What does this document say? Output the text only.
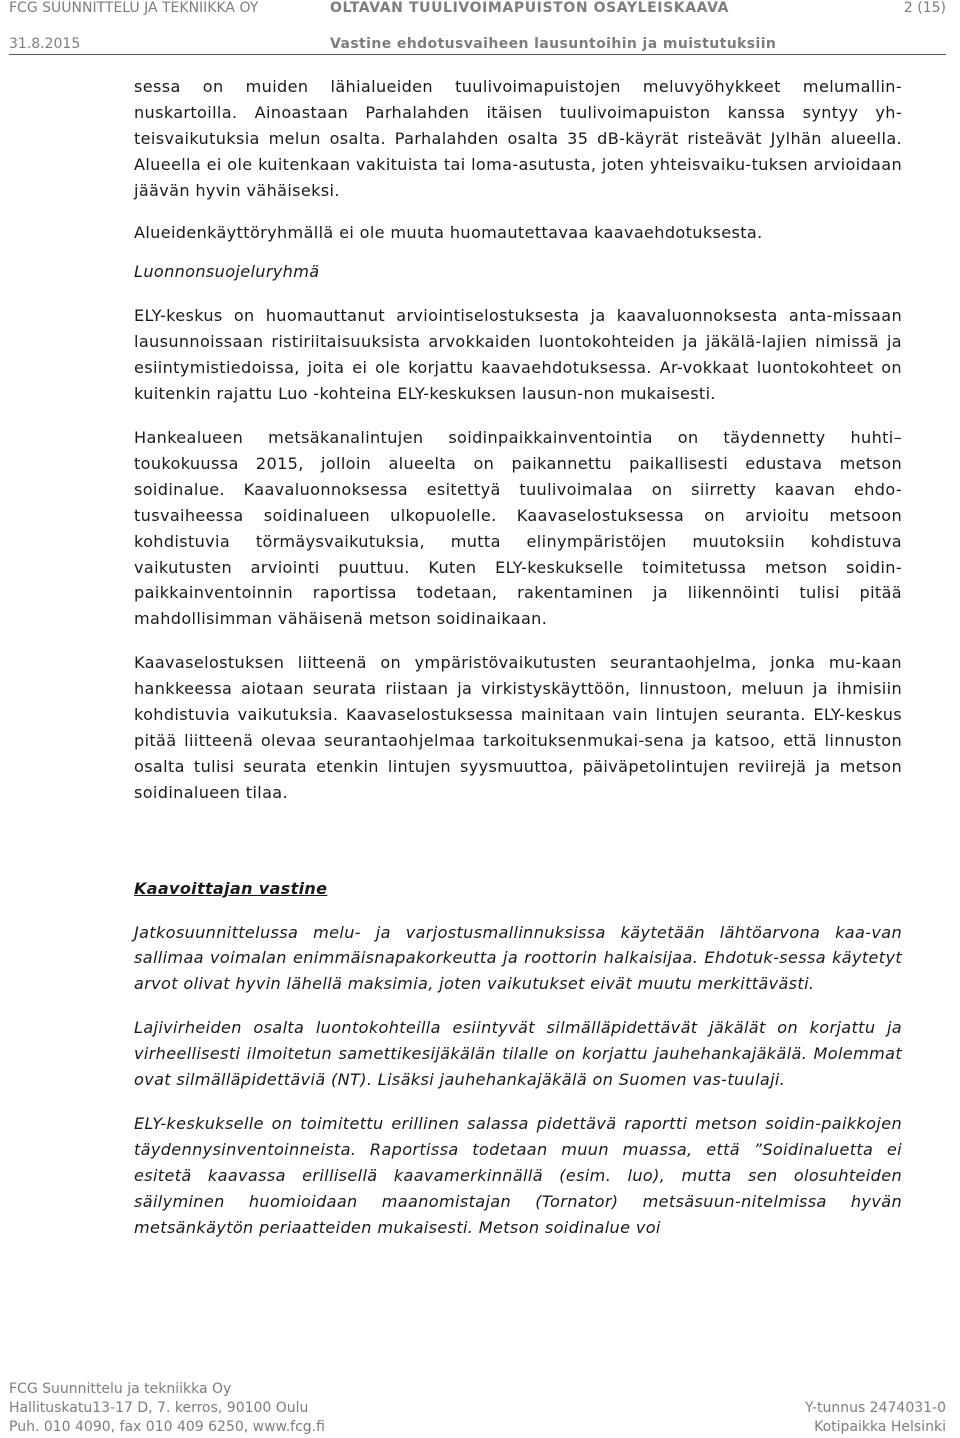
FCG SUUNNITTELU JA TEKNIIKKA OY	OLTAVAN TUULIVOIMAPUISTON OSAYLEISKAAVA	2 (15)
31.8.2015	Vastine ehdotusvaiheen lausuntoihin ja muistutuksiin

sessa on muiden lähialueiden tuulivoimapuistojen meluvyöhykkeet melumallin-nuskartoilla. Ainoastaan Parhalahden itäisen tuulivoimapuiston kanssa syntyy yh-teisvaikutuksia melun osalta. Parhalahden osalta 35 dB-käyrät risteävät Jylhän alueella. Alueella ei ole kuitenkaan vakituista tai loma-asutusta, joten yhteisvaiku-tuksen arvioidaan jäävän hyvin vähäiseksi.

Alueidenkäyttöryhmällä ei ole muuta huomautettavaa kaavaehdotuksesta.

Luonnonsuojeluryhmä

ELY-keskus on huomauttanut arviointiselostuksesta ja kaavaluonnoksesta anta-missaan lausunnoissaan ristiriitaisuuksista arvokkaiden luontokohteiden ja jäkälä-lajien nimissä ja esiintymistiedoissa, joita ei ole korjattu kaavaehdotuksessa. Ar-vokkaat luontokohteet on kuitenkin rajattu Luo -kohteina ELY-keskuksen lausun-non mukaisesti.

Hankealueen metsäkanalintujen soidinpaikkainventointia on täydennetty huhti– toukokuussa 2015, jolloin alueelta on paikannettu paikallisesti edustava metson soidinalue. Kaavaluonnoksessa esitettyä tuulivoimalaa on siirretty kaavan ehdo-tusvaiheessa soidinalueen ulkopuolelle. Kaavaselostuksessa on arvioitu metsoon kohdistuvia törmäysvaikutuksia, mutta elinympäristöjen muutoksiin kohdistuva vaikutusten arviointi puuttuu. Kuten ELY-keskukselle toimitetussa metson soidin-paikkainventoinnin raportissa todetaan, rakentaminen ja liikennöinti tulisi pitää mahdollisimman vähäisenä metson soidinaikaan.

Kaavaselostuksen liitteenä on ympäristövaikutusten seurantaohjelma, jonka mu-kaan hankkeessa aiotaan seurata riistaan ja virkistyskäyttöön, linnustoon, meluun ja ihmisiin kohdistuvia vaikutuksia. Kaavaselostuksessa mainitaan vain lintujen seuranta. ELY-keskus pitää liitteenä olevaa seurantaohjelmaa tarkoituksenmukai-sena ja katsoo, että linnuston osalta tulisi seurata etenkin lintujen syysmuuttoa, päiväpetolintujen reviirejä ja metson soidinalueen tilaa.

Kaavoittajan vastine

Jatkosuunnittelussa melu- ja varjostusmallinnuksissa käytetään lähtöarvona kaa-van sallimaa voimalan enimmäisnapakorkeutta ja roottorin halkaisijaa. Ehdotuk-sessa käytetyt arvot olivat hyvin lähellä maksimia, joten vaikutukset eivät muutu merkittävästi.

Lajivirheiden osalta luontokohteilla esiintyvät silmälläpidettävät jäkälät on korjattu ja virheellisesti ilmoitetun samettikesijäkälän tilalle on korjattu jauhehankajäkälä. Molemmat ovat silmälläpidettäviä (NT). Lisäksi jauhehankajäkälä on Suomen vas-tuulaji.

ELY-keskukselle on toimitettu erillinen salassa pidettävä raportti metson soidin-paikkojen täydennysinventoinneista. Raportissa todetaan muun muassa, että ”Soidinaluetta ei esitetä kaavassa erillisellä kaavamerkinnällä (esim. luo), mutta sen olosuhteiden säilyminen huomioidaan maanomistajan (Tornator) metsäsuun-nitelmissa hyvän metsänkäytön periaatteiden mukaisesti. Metson soidinalue voi

FCG Suunnittelu ja tekniikka Oy
Hallituskatu13-17 D, 7. kerros, 90100 Oulu
Puh. 010 4090, fax 010 409 6250, www.fcg.fi
Y-tunnus 2474031-0
Kotipaikka Helsinki
